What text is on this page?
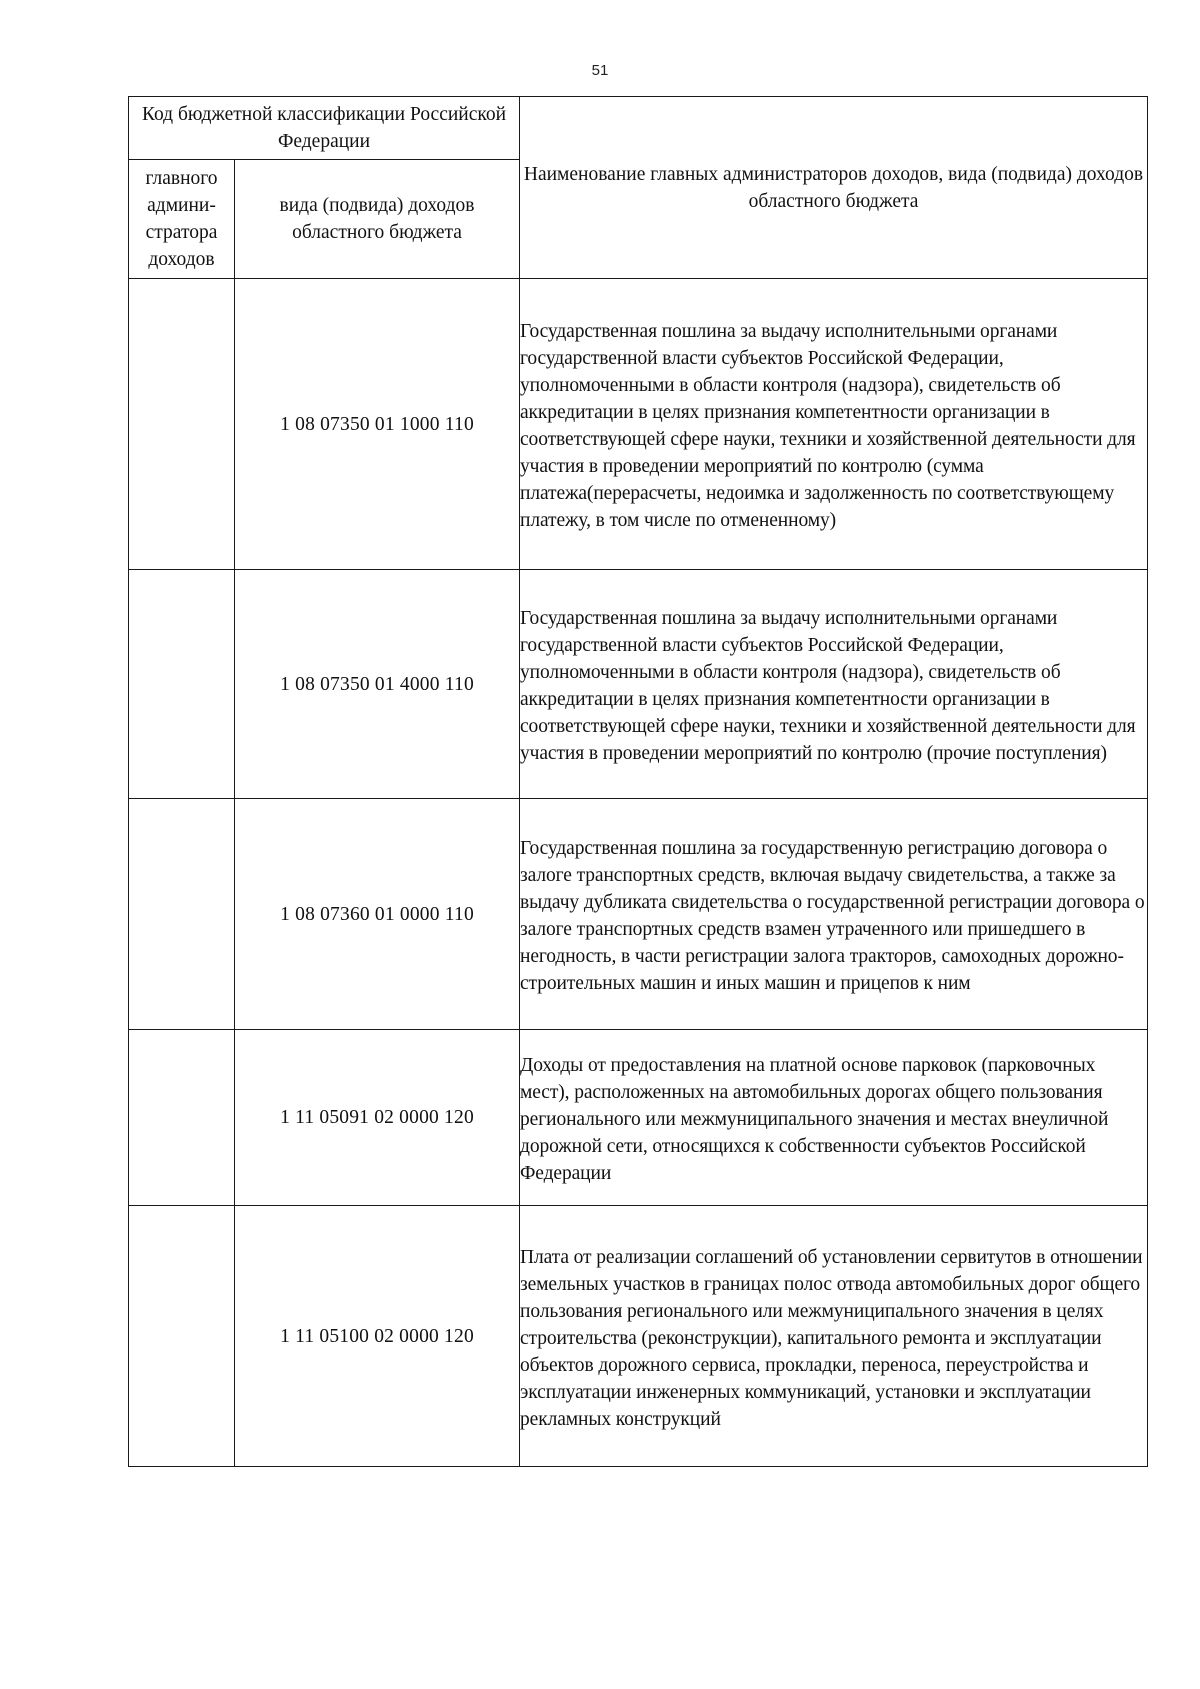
51
Код бюджетной классификации Российской Федерации		Наименование главных администраторов доходов, вида (подвида) доходов областного бюджета
главного админи-стратора доходов	вида (подвида) доходов областного бюджета	
	1 08 07350 01 1000 110	Государственная пошлина за выдачу исполнительными органами государственной власти субъектов Российской Федерации, уполномоченными в области контроля (надзора), свидетельств об аккредитации в целях признания компетентности организации в соответствующей сфере науки, техники и хозяйственной деятельности для участия в проведении мероприятий по контролю (сумма платежа(перерасчеты, недоимка и задолженность по соответствующему платежу, в том числе по отмененному)

	1 08 07350 01 4000 110	Государственная пошлина за выдачу исполнительными органами государственной власти субъектов Российской Федерации, уполномоченными в области контроля (надзора), свидетельств об аккредитации в целях признания компетентности организации в соответствующей сфере науки, техники и хозяйственной деятельности для участия в проведении мероприятий по контролю (прочие поступления)

	1 08 07360 01 0000 110	Государственная пошлина за государственную регистрацию договора о залоге транспортных средств, включая выдачу свидетельства, а также за выдачу дубликата свидетельства о государственной регистрации договора о залоге транспортных средств взамен утраченного или пришедшего в негодность, в части регистрации залога тракторов, самоходных дорожно-строительных машин и иных машин и прицепов к ним

	1 11 05091 02 0000 120	Доходы от предоставления на платной основе парковок (парковочных мест), расположенных на автомобильных дорогах общего пользования регионального или межмуниципального значения и местах внеуличной дорожной сети, относящихся к собственности субъектов Российской Федерации

	1 11 05100 02 0000 120	Плата от реализации соглашений об установлении сервитутов в отношении земельных участков в границах полос отвода автомобильных дорог общего пользования регионального или межмуниципального значения в целях строительства (реконструкции), капитального ремонта и эксплуатации объектов дорожного сервиса, прокладки, переноса, переустройства и эксплуатации инженерных коммуникаций, установки и эксплуатации рекламных конструкций
